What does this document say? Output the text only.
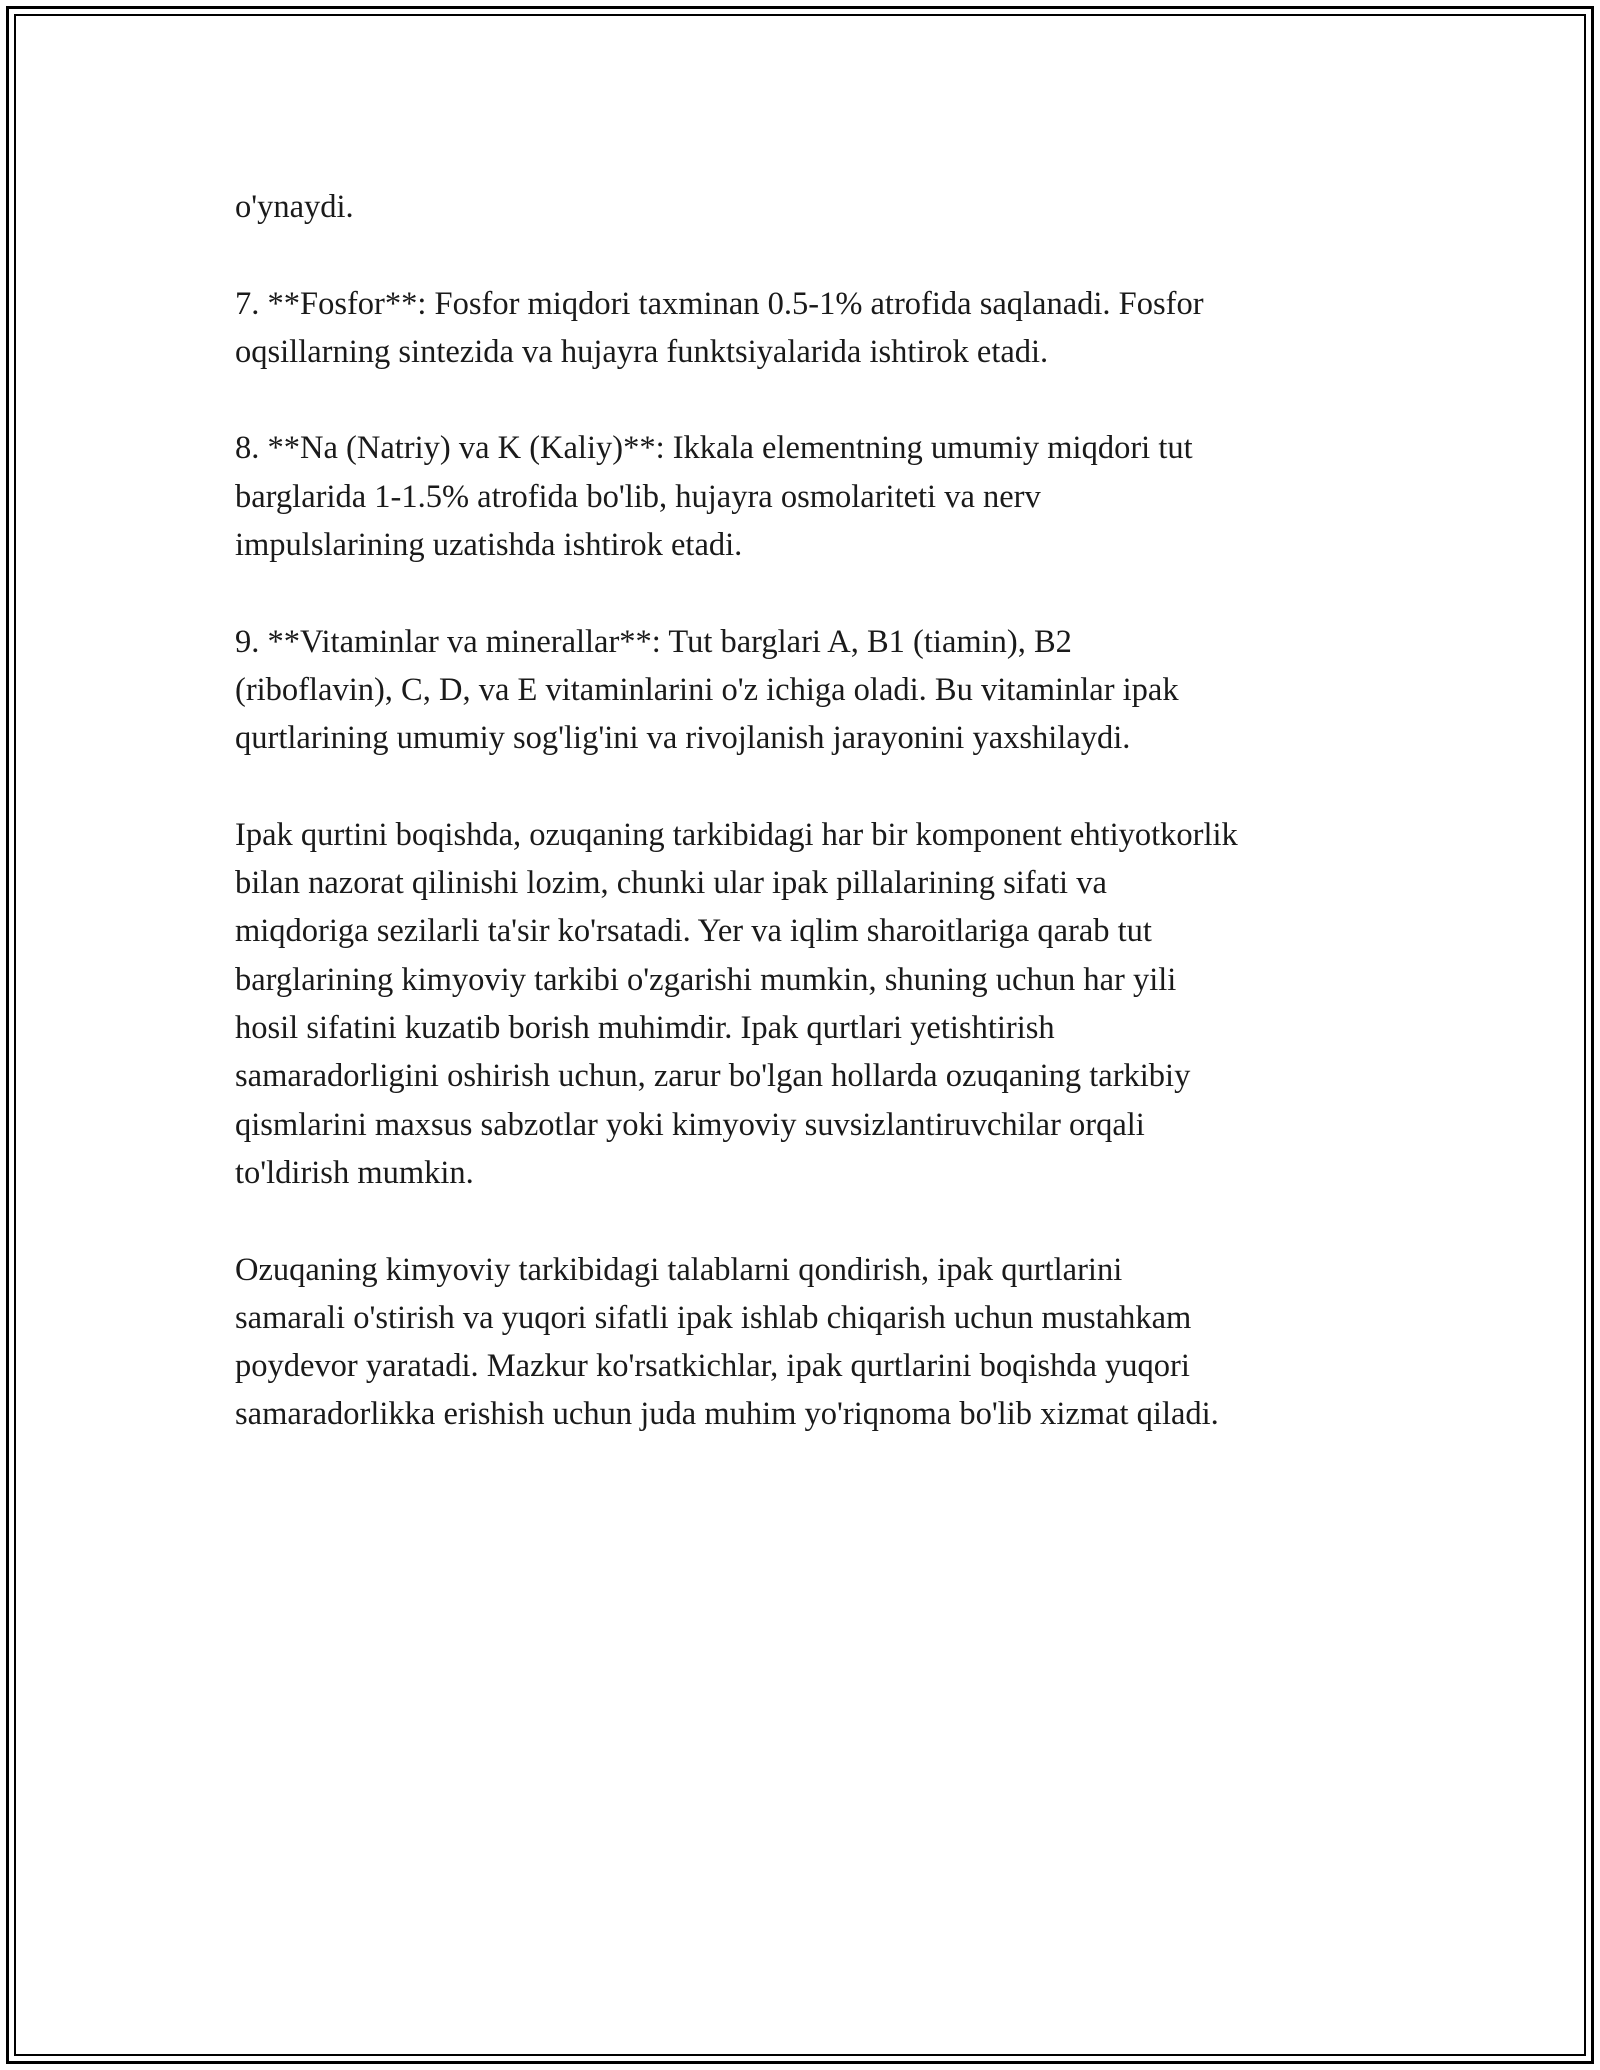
o'ynaydi.

7. **Fosfor**: Fosfor miqdori taxminan 0.5-1% atrofida saqlanadi. Fosfor
oqsillarning sintezida va hujayra funktsiyalarida ishtirok etadi.

8. **Na (Natriy) va K (Kaliy)**: Ikkala elementning umumiy miqdori tut
barglarida 1-1.5% atrofida bo'lib, hujayra osmolariteti va nerv
impulslarining uzatishda ishtirok etadi.

9. **Vitaminlar va minerallar**: Tut barglari A, B1 (tiamin), B2
(riboflavin), C, D, va E vitaminlarini o'z ichiga oladi. Bu vitaminlar ipak
qurtlarining umumiy sog'lig'ini va rivojlanish jarayonini yaxshilaydi.

Ipak qurtini boqishda, ozuqaning tarkibidagi har bir komponent ehtiyotkorlik
bilan nazorat qilinishi lozim, chunki ular ipak pillalarining sifati va
miqdoriga sezilarli ta'sir ko'rsatadi. Yer va iqlim sharoitlariga qarab tut
barglarining kimyoviy tarkibi o'zgarishi mumkin, shuning uchun har yili
hosil sifatini kuzatib borish muhimdir. Ipak qurtlari yetishtirish
samaradorligini oshirish uchun, zarur bo'lgan hollarda ozuqaning tarkibiy
qismlarini maxsus sabzotlar yoki kimyoviy suvsizlantiruvchilar orqali
to'ldirish mumkin.

Ozuqaning kimyoviy tarkibidagi talablarni qondirish, ipak qurtlarini
samarali o'stirish va yuqori sifatli ipak ishlab chiqarish uchun mustahkam
poydevor yaratadi. Mazkur ko'rsatkichlar, ipak qurtlarini boqishda yuqori
samaradorlikka erishish uchun juda muhim yo'riqnoma bo'lib xizmat qiladi.
